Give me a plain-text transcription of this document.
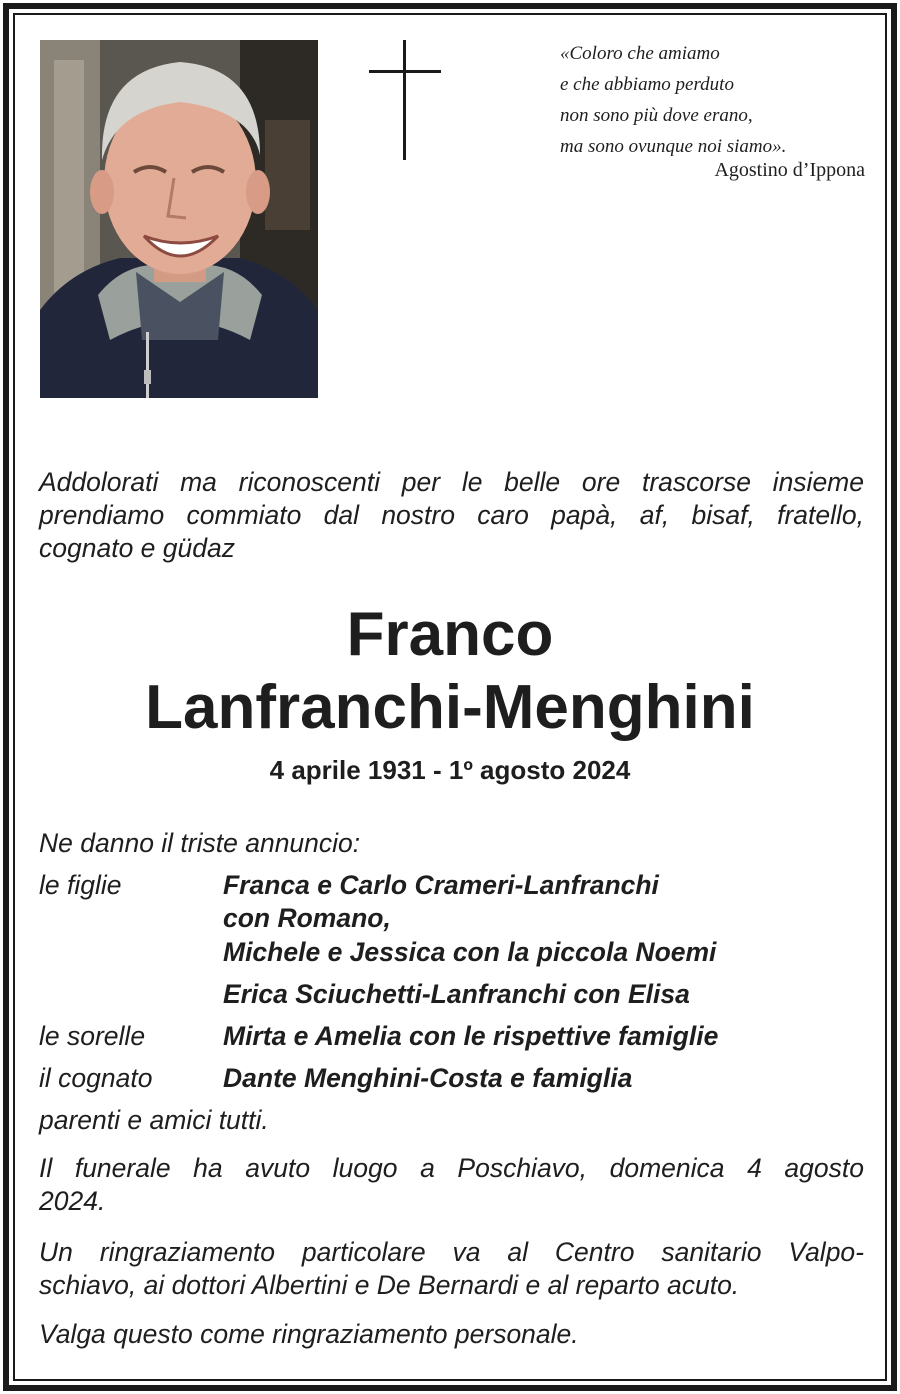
«Coloro che amiamo
e che abbiamo perduto
non sono più dove erano,
ma sono ovunque noi siamo».
Agostino d’Ippona
Addolorati ma riconoscenti per le belle ore trascorse insieme
prendiamo commiato dal nostro caro papà, af, bisaf, fratello,
cognato e güdaz
Franco
Lanfranchi-Menghini
4 aprile 1931 - 1º agosto 2024
Ne danno il triste annuncio:
le figlie	Franca e Carlo Crameri-Lanfranchi
con Romano,
Michele e Jessica con la piccola Noemi
Erica Sciuchetti-Lanfranchi con Elisa
le sorelle	Mirta e Amelia con le rispettive famiglie
il cognato	Dante Menghini-Costa e famiglia
parenti e amici tutti.
Il funerale ha avuto luogo a Poschiavo, domenica 4 agosto
2024.
Un ringraziamento particolare va al Centro sanitario Valpo-
schiavo, ai dottori Albertini e De Bernardi e al reparto acuto.
Valga questo come ringraziamento personale.
